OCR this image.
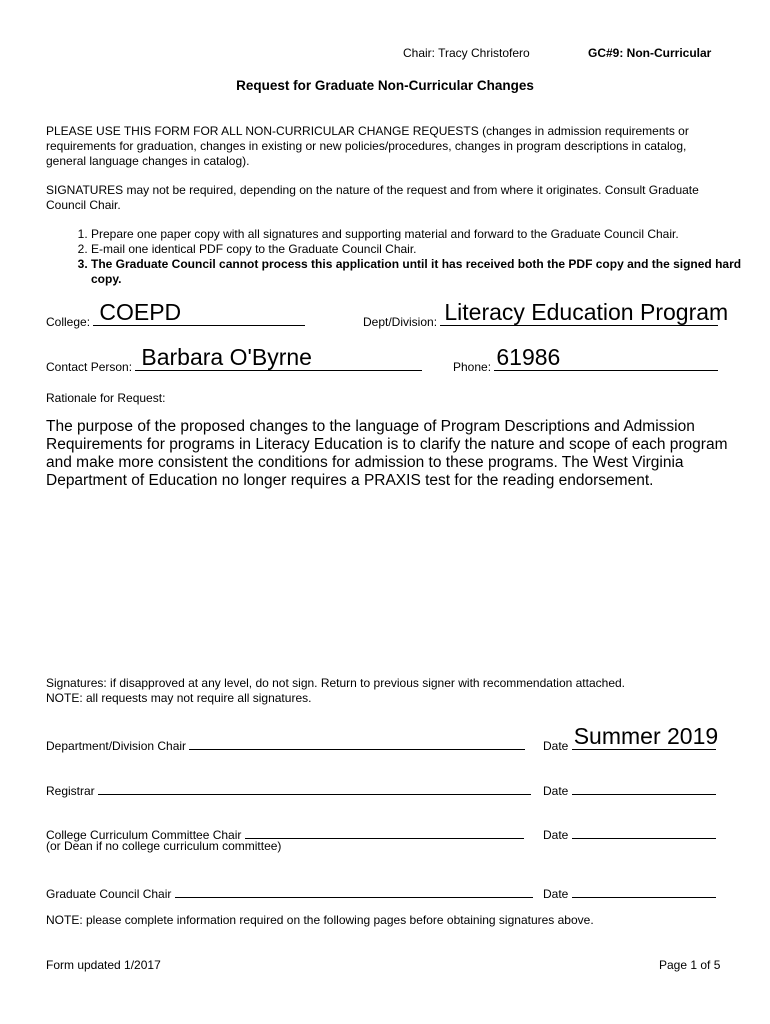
Chair: Tracy Christofero	GC#9: Non-Curricular
Request for Graduate Non-Curricular Changes
PLEASE USE THIS FORM FOR ALL NON-CURRICULAR CHANGE REQUESTS (changes in admission requirements or requirements for graduation, changes in existing or new policies/procedures, changes in program descriptions in catalog, general language changes in catalog).
SIGNATURES may not be required, depending on the nature of the request and from where it originates. Consult Graduate Council Chair.
1. Prepare one paper copy with all signatures and supporting material and forward to the Graduate Council Chair.
2. E-mail one identical PDF copy to the Graduate Council Chair.
3. The Graduate Council cannot process this application until it has received both the PDF copy and the signed hard copy.
College: COEPD	Dept/Division: Literacy Education Program
Contact Person: Barbara O'Byrne	Phone: 61986
Rationale for Request:
The purpose of the proposed changes to the language of Program Descriptions and Admission Requirements for programs in Literacy Education is to clarify the nature and scope of each program and make more consistent the conditions for admission to these programs. The West Virginia Department of Education no longer requires a PRAXIS test for the reading endorsement.
Signatures: if disapproved at any level, do not sign. Return to previous signer with recommendation attached.
NOTE: all requests may not require all signatures.
Department/Division Chair	Date Summer 2019
Registrar	Date
College Curriculum Committee Chair
(or Dean if no college curriculum committee)
Date
Graduate Council Chair	Date
NOTE: please complete information required on the following pages before obtaining signatures above.
Form updated 1/2017	Page 1 of 5
